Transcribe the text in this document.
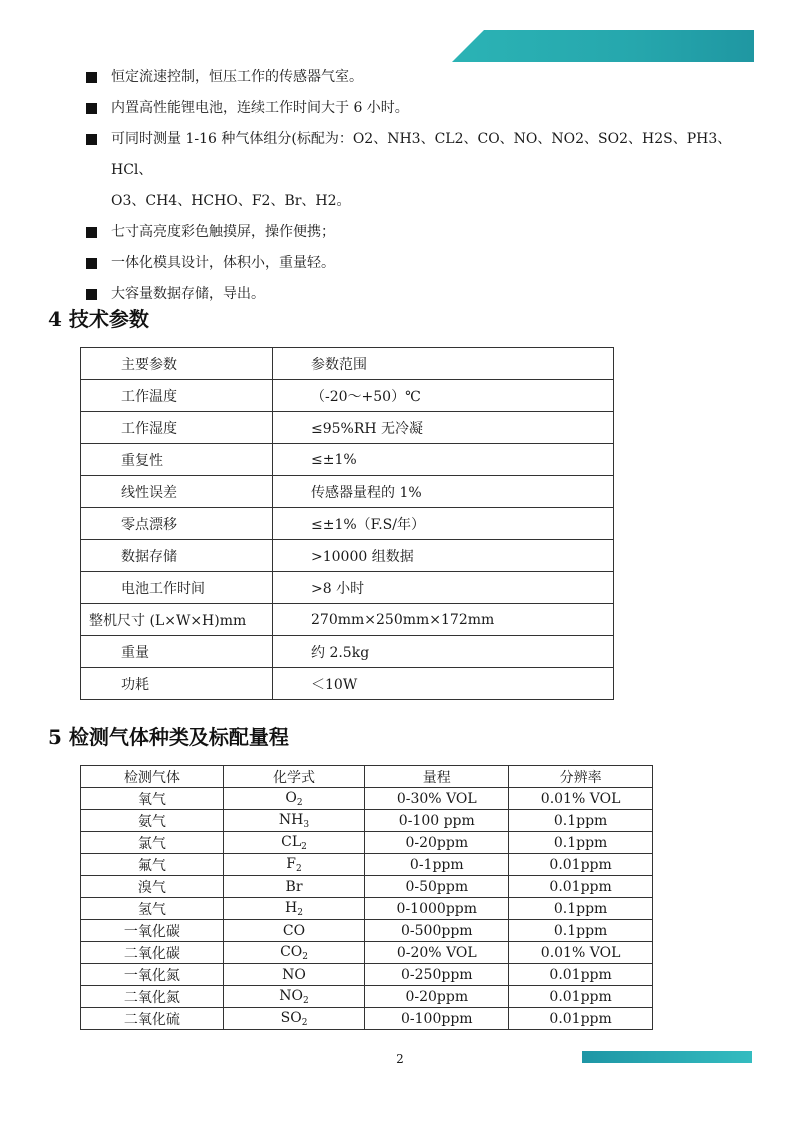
恒定流速控制，恒压工作的传感器气室。
内置高性能锂电池，连续工作时间大于 6 小时。
可同时测量 1-16 种气体组分(标配为：O2、NH3、CL2、CO、NO、NO2、SO2、H2S、PH3、HCl、
O3、CH4、HCHO、F2、Br、H2。
七寸高亮度彩色触摸屏，操作便携；
一体化模具设计，体积小，重量轻。
大容量数据存储，导出。
4 技术参数
主要参数	参数范围
工作温度	（-20～+50）℃
工作湿度	≤95%RH 无冷凝
重复性	≤±1%
线性误差	传感器量程的 1%
零点漂移	≤±1%（F.S/年）
数据存储	>10000 组数据
电池工作时间	>8 小时
整机尺寸 (L×W×H)mm	270mm×250mm×172mm
重量	约 2.5kg
功耗	＜10W
5 检测气体种类及标配量程
检测气体	化学式	量程	分辨率
氧气	$O_2$	0-30% VOL	0.01% VOL
氨气	$NH_3$	0-100 ppm	0.1ppm
氯气	$CL_2$	0-20ppm	0.1ppm
氟气	$F_2$	0-1ppm	0.01ppm
溴气	Br	0-50ppm	0.01ppm
氢气	$H_2$	0-1000ppm	0.1ppm
一氧化碳	CO	0-500ppm	0.1ppm
二氧化碳	$CO_2$	0-20% VOL	0.01% VOL
一氧化氮	NO	0-250ppm	0.01ppm
二氧化氮	$NO_2$	0-20ppm	0.01ppm
二氧化硫	$SO_2$	0-100ppm	0.01ppm
2
